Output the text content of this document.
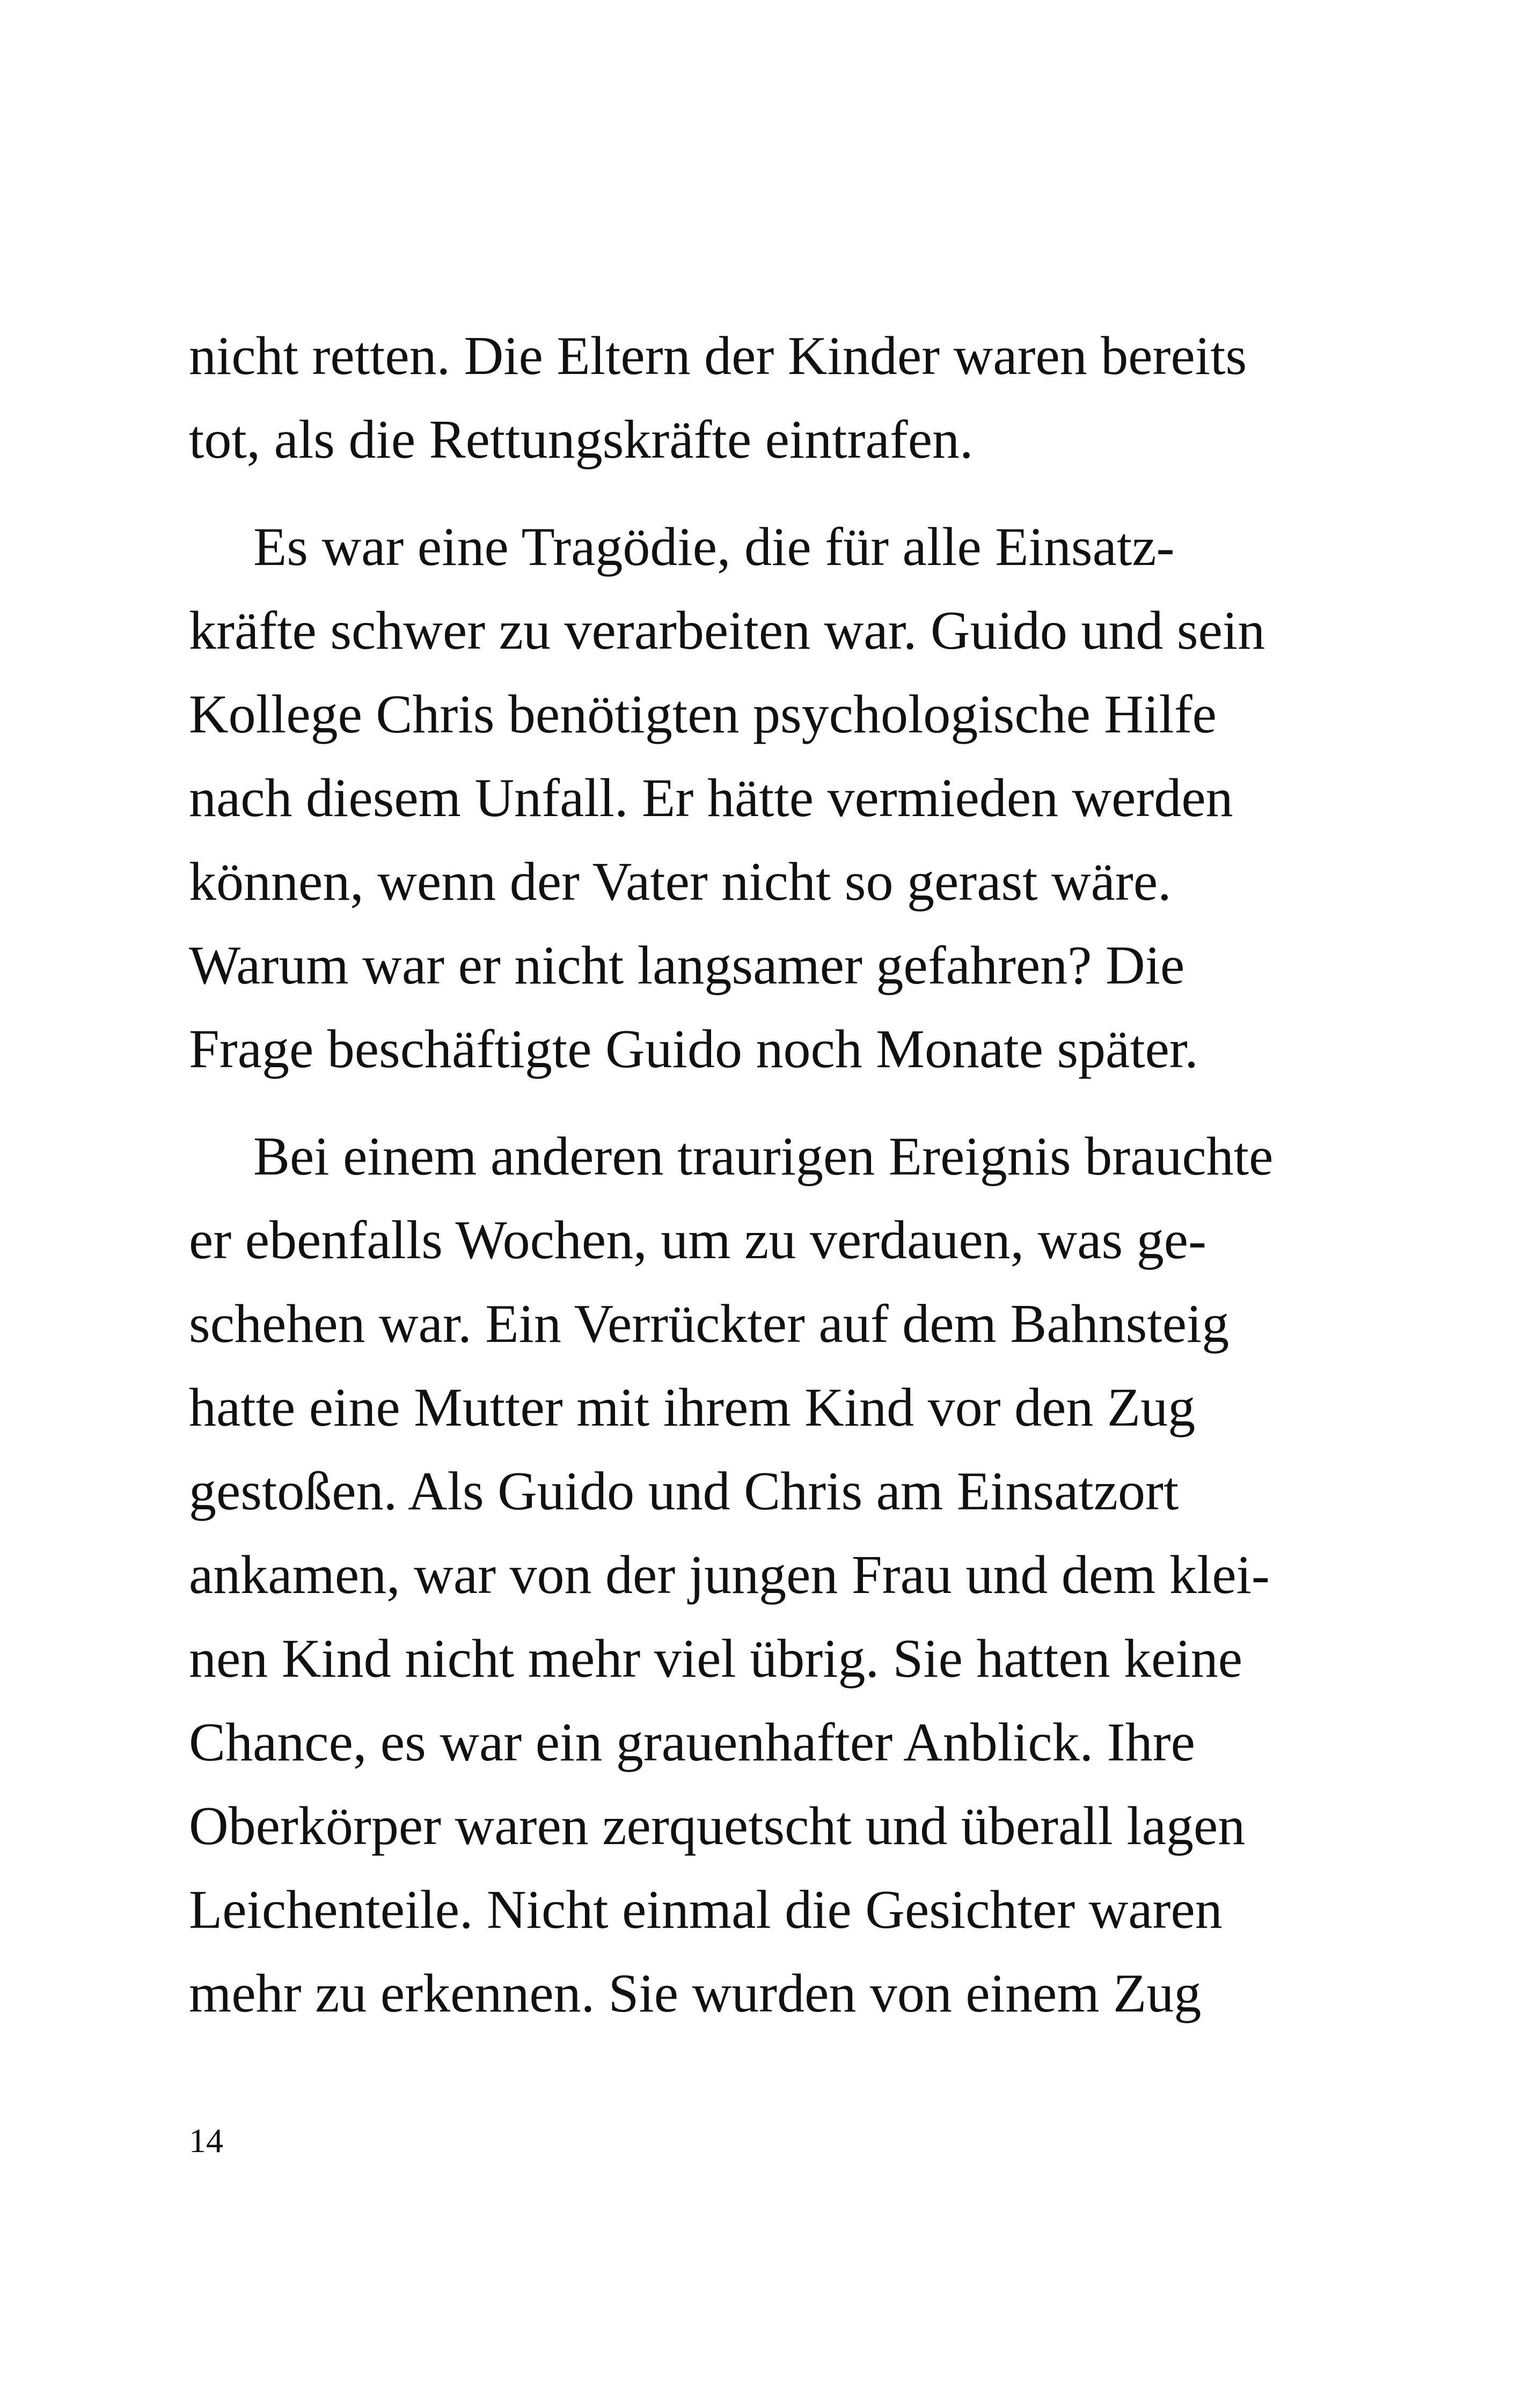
nicht retten. Die Eltern der Kinder waren bereits
tot, als die Rettungskräfte eintrafen.

Es war eine Tragödie, die für alle Einsatz-
kräfte schwer zu verarbeiten war. Guido und sein
Kollege Chris benötigten psychologische Hilfe
nach diesem Unfall. Er hätte vermieden werden
können, wenn der Vater nicht so gerast wäre.
Warum war er nicht langsamer gefahren? Die
Frage beschäftigte Guido noch Monate später.

Bei einem anderen traurigen Ereignis brauchte
er ebenfalls Wochen, um zu verdauen, was ge-
schehen war. Ein Verrückter auf dem Bahnsteig
hatte eine Mutter mit ihrem Kind vor den Zug
gestoßen. Als Guido und Chris am Einsatzort
ankamen, war von der jungen Frau und dem klei-
nen Kind nicht mehr viel übrig. Sie hatten keine
Chance, es war ein grauenhafter Anblick. Ihre
Oberkörper waren zerquetscht und überall lagen
Leichenteile. Nicht einmal die Gesichter waren
mehr zu erkennen. Sie wurden von einem Zug

14
